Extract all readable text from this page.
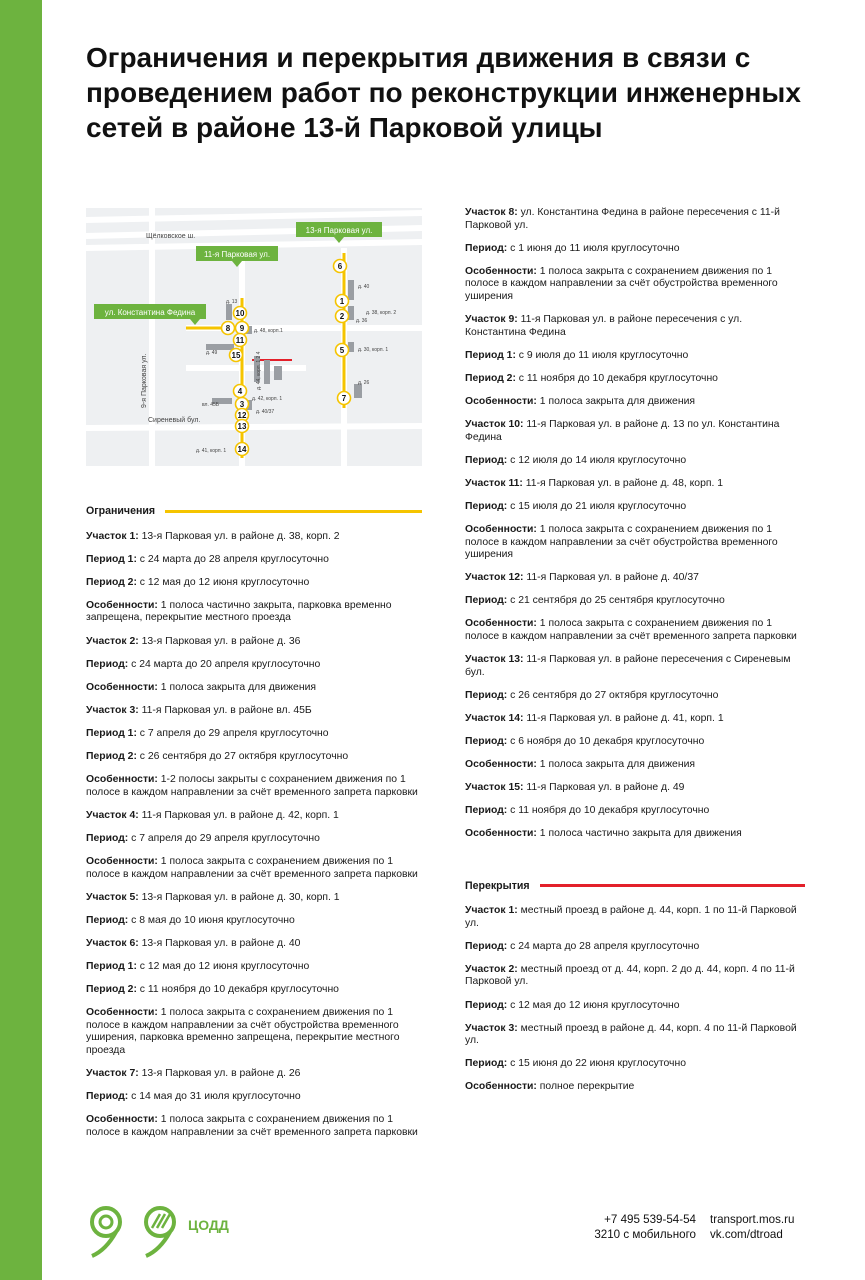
Ограничения и перекрытия движения в связи с проведением работ по реконструкции инженерных сетей в районе 13-й Парковой улицы
Щёлковское ш.
Сиреневый бул.
9-я Парковая ул.
д. 13
д. 48, корп.1
д. 49	д. 44, корп. 1 2 4
д. 40
д. 38, корп. 2
д. 36
д. 30, корп. 1
д. 26
вл. 45Б
д. 42, корп. 1
д. 40/37
д. 41, корп. 1
13-я Парковая ул.
11-я Парковая ул.
ул. Константина Федина
1
2
3
4
5
6
7
8 9
10
11
12
13
14
15
Ограничения

Участок 1: 13-я Парковая ул. в районе д. 38, корп. 2

Период 1: с 24 марта до 28 апреля круглосуточно

Период 2: с 12 мая до 12 июня круглосуточно

Особенности: 1 полоса частично закрыта, парковка временно запрещена, перекрытие местного проезда

Участок 2: 13-я Парковая ул. в районе д. 36

Период: с 24 марта до 20 апреля круглосуточно

Особенности: 1 полоса закрыта для движения

Участок 3: 11-я Парковая ул. в районе вл. 45Б

Период 1: с 7 апреля до 29 апреля круглосуточно

Период 2: с 26 сентября до 27 октября круглосуточно

Особенности: 1-2 полосы закрыты с сохранением движения по 1 полосе в каждом направлении за счёт временного запрета парковки

Участок 4: 11-я Парковая ул. в районе д. 42, корп. 1

Период: с 7 апреля до 29 апреля круглосуточно

Особенности: 1 полоса закрыта с сохранением движения по 1 полосе в каждом направлении за счёт временного запрета парковки

Участок 5: 13-я Парковая ул. в районе д. 30, корп. 1

Период: с 8 мая до 10 июня круглосуточно

Участок 6: 13-я Парковая ул. в районе д. 40

Период 1: с 12 мая до 12 июня круглосуточно

Период 2: с 11 ноября до 10 декабря круглосуточно

Особенности: 1 полоса закрыта с сохранением движения по 1 полосе в каждом направлении за счёт обустройства временного уширения, парковка временно запрещена, перекрытие местного проезда

Участок 7: 13-я Парковая ул. в районе д. 26

Период: с 14 мая до 31 июля круглосуточно

Особенности: 1 полоса закрыта с сохранением движения по 1 полосе в каждом направлении за счёт временного запрета парковки

Участок 8: ул. Константина Федина в районе пересечения с 11-й Парковой ул.

Период: с 1 июня до 11 июля круглосуточно

Особенности: 1 полоса закрыта с сохранением движения по 1 полосе в каждом направлении за счёт обустройства временного уширения

Участок 9: 11-я Парковая ул. в районе пересечения с ул. Константина Федина

Период 1: с 9 июля до 11 июля круглосуточно

Период 2: с 11 ноября до 10 декабря круглосуточно

Особенности: 1 полоса закрыта для движения

Участок 10: 11-я Парковая ул. в районе д. 13 по ул. Константина Федина

Период: с 12 июля до 14 июля круглосуточно

Участок 11: 11-я Парковая ул. в районе д. 48, корп. 1

Период: с 15 июля до 21 июля круглосуточно

Особенности: 1 полоса закрыта с сохранением движения по 1 полосе в каждом направлении за счёт обустройства временного уширения

Участок 12: 11-я Парковая ул. в районе д. 40/37

Период: с 21 сентября до 25 сентября круглосуточно

Особенности: 1 полоса закрыта с сохранением движения по 1 полосе в каждом направлении за счёт временного запрета парковки

Участок 13: 11-я Парковая ул. в районе пересечения с Сиреневым бул.

Период: с 26 сентября до 27 октября круглосуточно

Участок 14: 11-я Парковая ул. в районе д. 41, корп. 1

Период: с 6 ноября до 10 декабря круглосуточно

Особенности: 1 полоса закрыта для движения

Участок 15: 11-я Парковая ул. в районе д. 49

Период: с 11 ноября до 10 декабря круглосуточно

Особенности: 1 полоса частично закрыта для движения

Перекрытия

Участок 1: местный проезд в районе д. 44, корп. 1 по 11-й Парковой ул.

Период: с 24 марта до 28 апреля круглосуточно

Участок 2: местный проезд от д. 44, корп. 2 до д. 44, корп. 4 по 11-й Парковой ул.

Период: с 12 мая до 12 июня круглосуточно

Участок 3: местный проезд в районе д. 44, корп. 4 по 11-й Парковой ул.

Период: с 15 июня до 22 июня круглосуточно

Особенности: полное перекрытие

ЦОДД	+7 495 539-54-54
3210 с мобильного
transport.mos.ru
vk.com/dtroad
